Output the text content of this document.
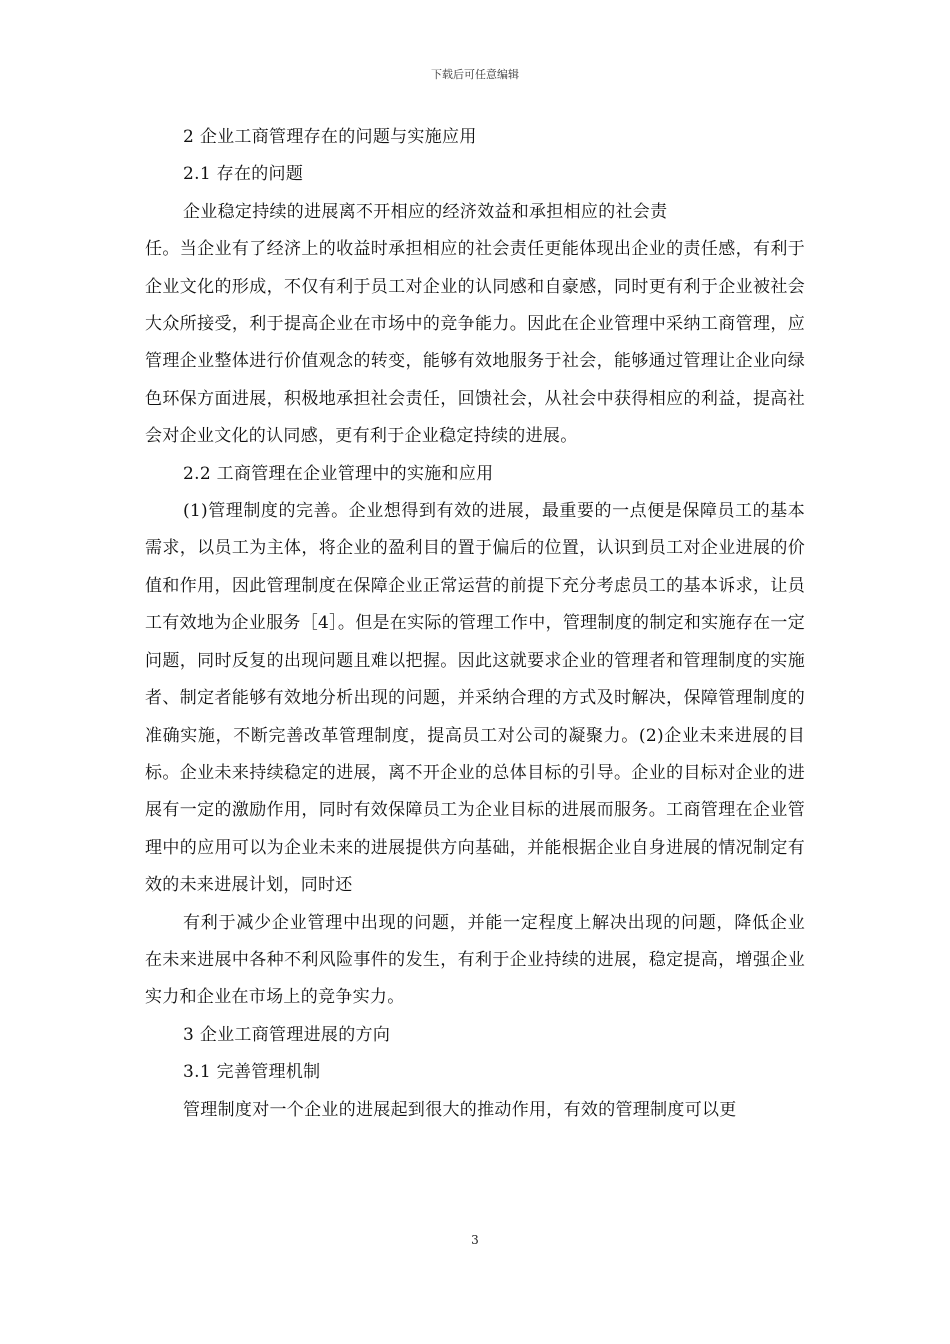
下载后可任意编辑

2 企业工商管理存在的问题与实施应用

2.1 存在的问题

企业稳定持续的进展离不开相应的经济效益和承担相应的社会责

任。当企业有了经济上的收益时承担相应的社会责任更能体现出企业的责任感，有利于企业文化的形成，不仅有利于员工对企业的认同感和自豪感，同时更有利于企业被社会大众所接受，利于提高企业在市场中的竞争能力。因此在企业管理中采纳工商管理，应管理企业整体进行价值观念的转变，能够有效地服务于社会，能够通过管理让企业向绿色环保方面进展，积极地承担社会责任，回馈社会，从社会中获得相应的利益，提高社会对企业文化的认同感，更有利于企业稳定持续的进展。

2.2 工商管理在企业管理中的实施和应用

(1)管理制度的完善。企业想得到有效的进展，最重要的一点便是保障员工的基本需求，以员工为主体，将企业的盈利目的置于偏后的位置，认识到员工对企业进展的价值和作用，因此管理制度在保障企业正常运营的前提下充分考虑员工的基本诉求，让员工有效地为企业服务［4］。但是在实际的管理工作中，管理制度的制定和实施存在一定问题，同时反复的出现问题且难以把握。因此这就要求企业的管理者和管理制度的实施者、制定者能够有效地分析出现的问题，并采纳合理的方式及时解决，保障管理制度的准确实施，不断完善改革管理制度，提高员工对公司的凝聚力。(2)企业未来进展的目标。企业未来持续稳定的进展，离不开企业的总体目标的引导。企业的目标对企业的进展有一定的激励作用，同时有效保障员工为企业目标的进展而服务。工商管理在企业管理中的应用可以为企业未来的进展提供方向基础，并能根据企业自身进展的情况制定有效的未来进展计划，同时还

有利于减少企业管理中出现的问题，并能一定程度上解决出现的问题，降低企业在未来进展中各种不利风险事件的发生，有利于企业持续的进展，稳定提高，增强企业实力和企业在市场上的竞争实力。

3 企业工商管理进展的方向

3.1 完善管理机制

管理制度对一个企业的进展起到很大的推动作用，有效的管理制度可以更

3
